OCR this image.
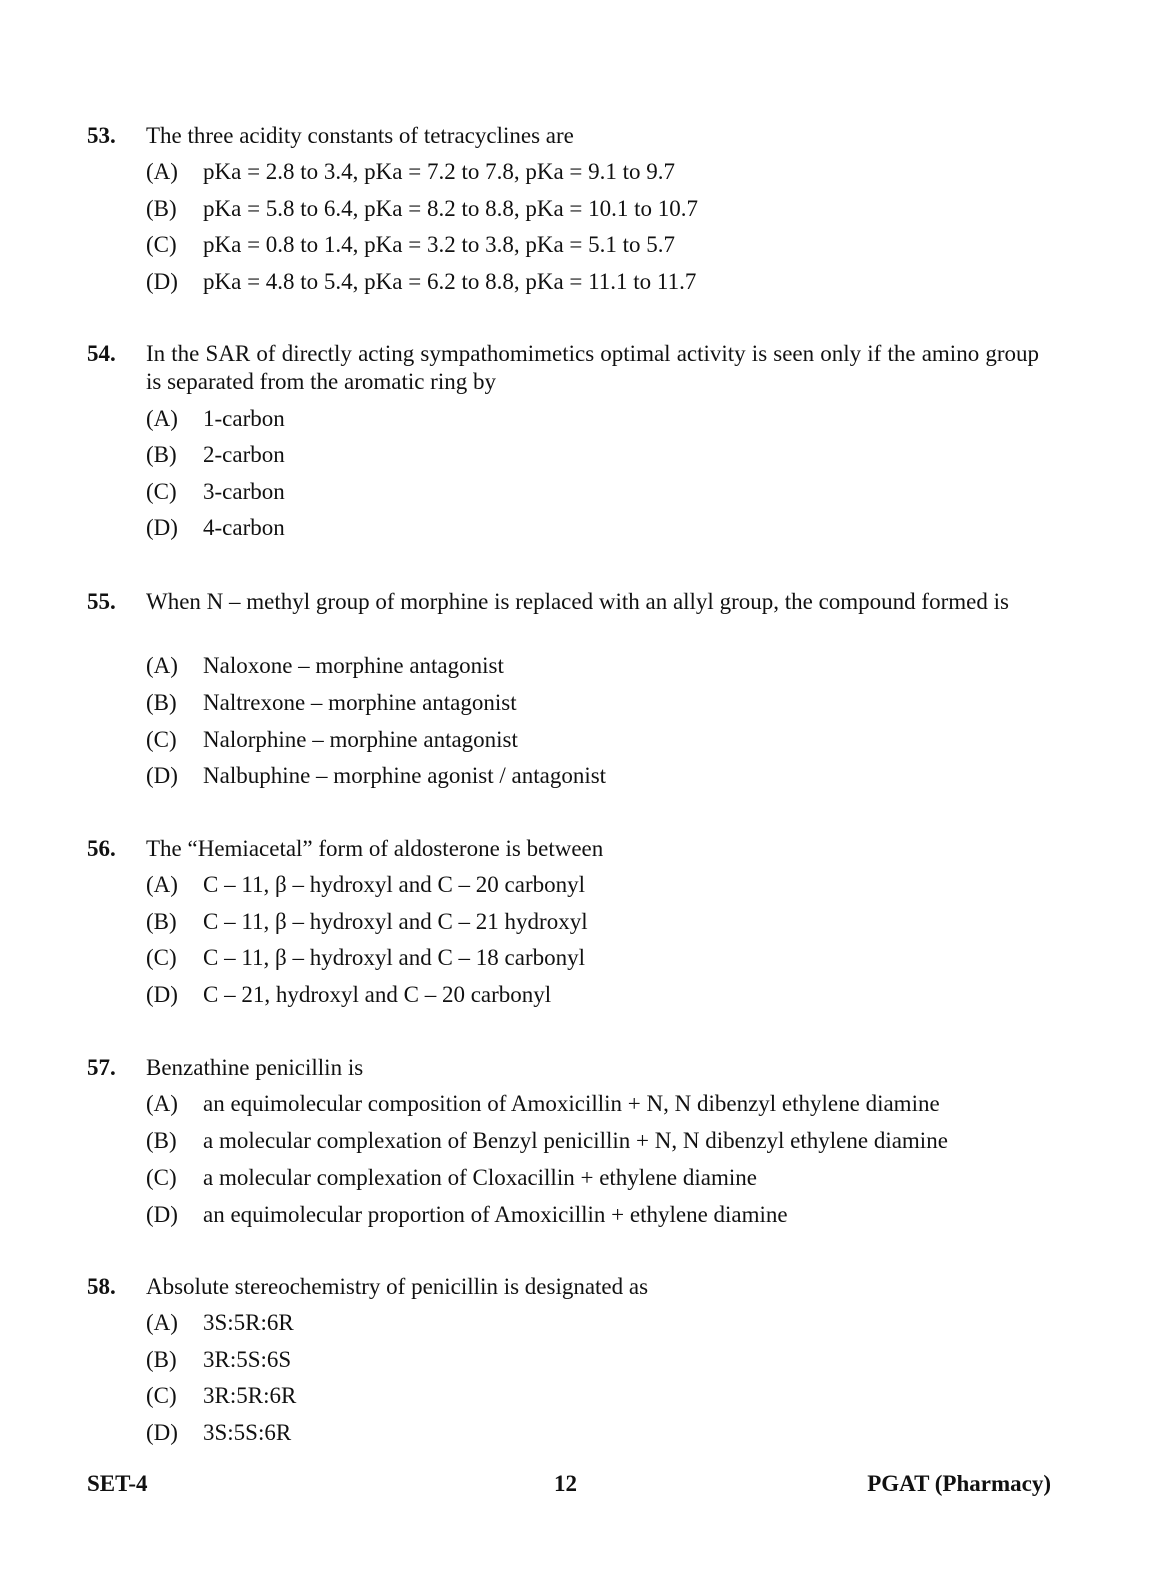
53. The three acidity constants of tetracyclines are
(A) pKa = 2.8 to 3.4, pKa = 7.2 to 7.8, pKa = 9.1 to 9.7
(B) pKa = 5.8 to 6.4, pKa = 8.2 to 8.8, pKa = 10.1 to 10.7
(C) pKa = 0.8 to 1.4, pKa = 3.2 to 3.8, pKa = 5.1 to 5.7
(D) pKa = 4.8 to 5.4, pKa = 6.2 to 8.8, pKa = 11.1 to 11.7
54. In the SAR of directly acting sympathomimetics optimal activity is seen only if the amino group is separated from the aromatic ring by
(A) 1-carbon
(B) 2-carbon
(C) 3-carbon
(D) 4-carbon
55. When N – methyl group of morphine is replaced with an allyl group, the compound formed is
(A) Naloxone – morphine antagonist
(B) Naltrexone – morphine antagonist
(C) Nalorphine – morphine antagonist
(D) Nalbuphine – morphine agonist / antagonist
56. The “Hemiacetal” form of aldosterone is between
(A) C – 11, β – hydroxyl and C – 20 carbonyl
(B) C – 11, β – hydroxyl and C – 21 hydroxyl
(C) C – 11, β – hydroxyl and C – 18 carbonyl
(D) C – 21, hydroxyl and C – 20 carbonyl
57. Benzathine penicillin is
(A) an equimolecular composition of Amoxicillin + N, N dibenzyl ethylene diamine
(B) a molecular complexation of Benzyl penicillin + N, N dibenzyl ethylene diamine
(C) a molecular complexation of Cloxacillin + ethylene diamine
(D) an equimolecular proportion of Amoxicillin + ethylene diamine
58. Absolute stereochemistry of penicillin is designated as
(A) 3S:5R:6R
(B) 3R:5S:6S
(C) 3R:5R:6R
(D) 3S:5S:6R
SET-4	12	PGAT (Pharmacy)
